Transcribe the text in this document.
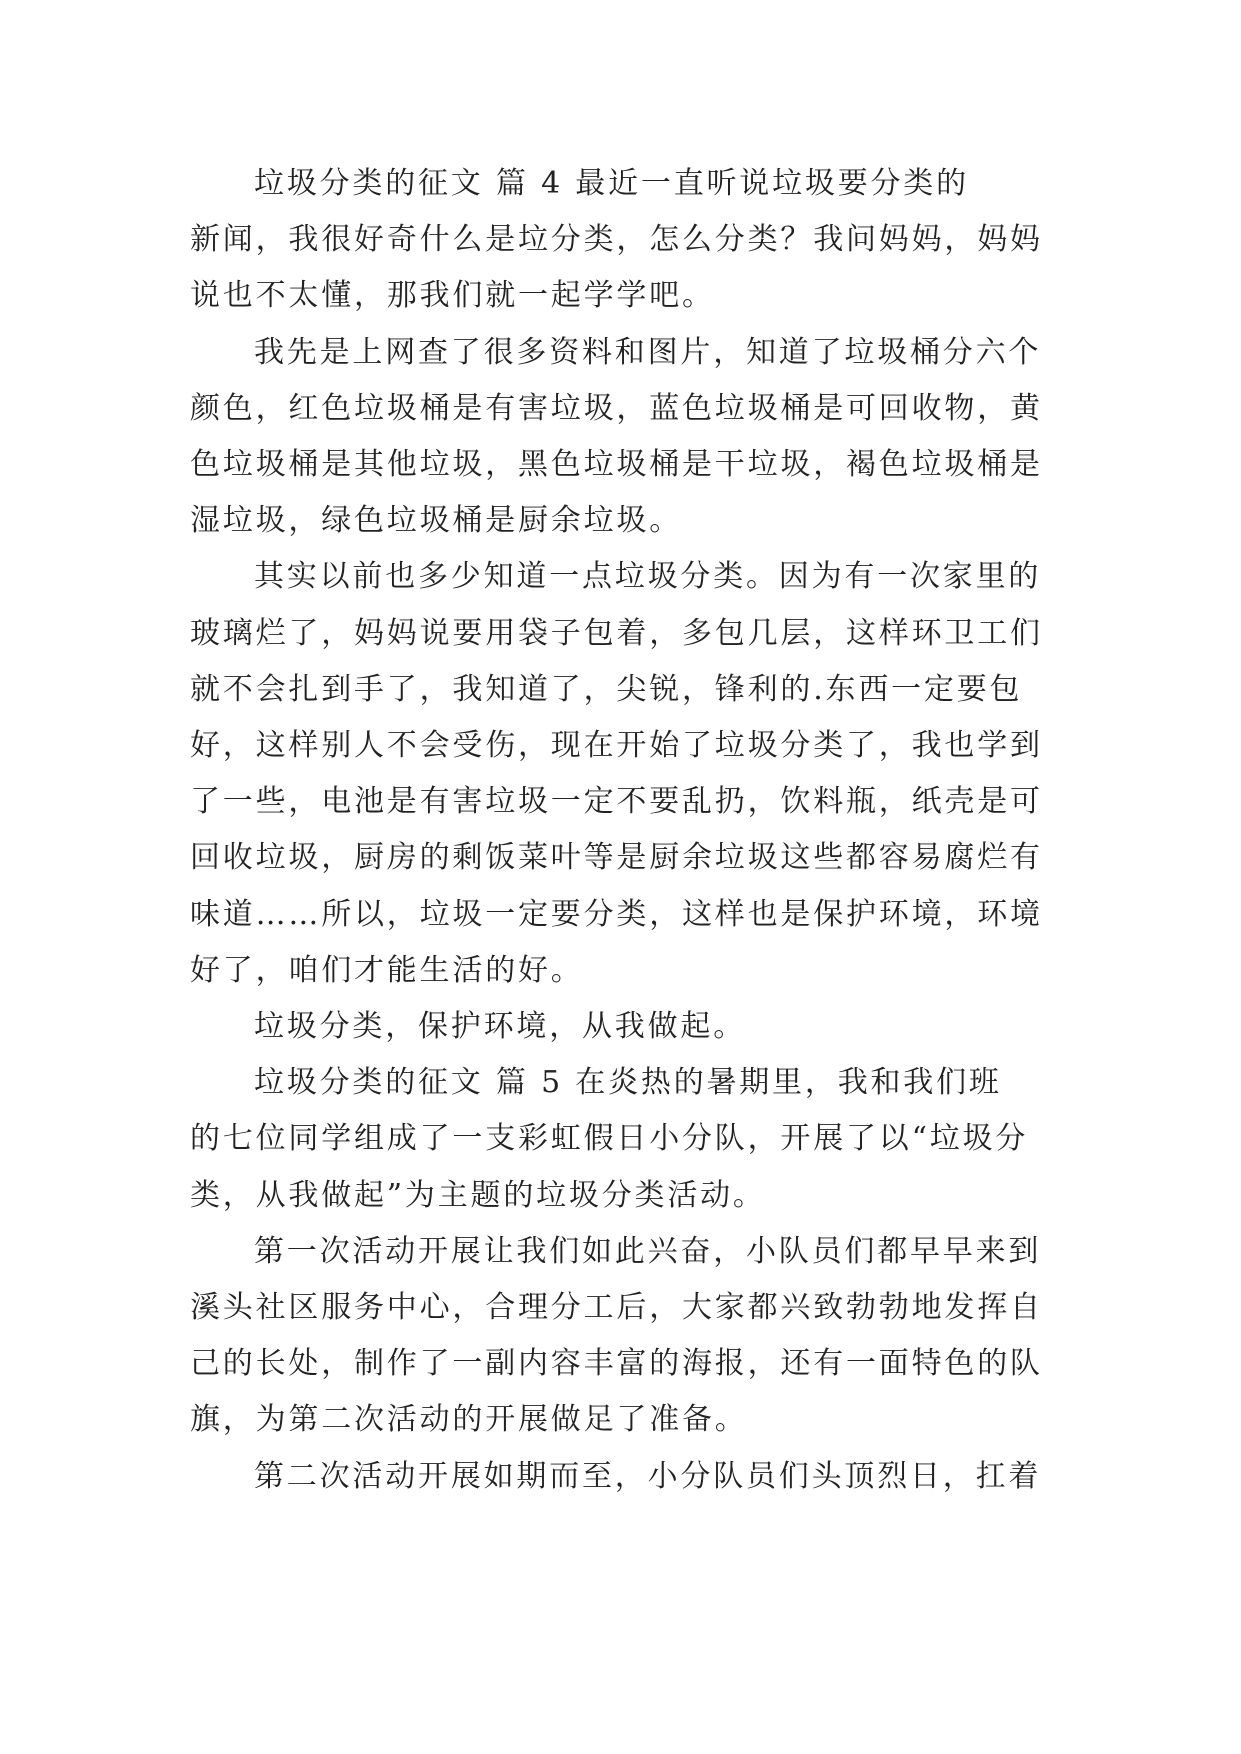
垃圾分类的征文 篇 4 最近一直听说垃圾要分类的
新闻，我很好奇什么是垃分类，怎么分类？我问妈妈，妈妈
说也不太懂，那我们就一起学学吧。

我先是上网查了很多资料和图片，知道了垃圾桶分六个
颜色，红色垃圾桶是有害垃圾，蓝色垃圾桶是可回收物，黄
色垃圾桶是其他垃圾，黑色垃圾桶是干垃圾，褐色垃圾桶是
湿垃圾，绿色垃圾桶是厨余垃圾。

其实以前也多少知道一点垃圾分类。因为有一次家里的
玻璃烂了，妈妈说要用袋子包着，多包几层，这样环卫工们
就不会扎到手了，我知道了，尖锐，锋利的.东西一定要包
好，这样别人不会受伤，现在开始了垃圾分类了，我也学到
了一些，电池是有害垃圾一定不要乱扔，饮料瓶，纸壳是可
回收垃圾，厨房的剩饭菜叶等是厨余垃圾这些都容易腐烂有
味道……所以，垃圾一定要分类，这样也是保护环境，环境
好了，咱们才能生活的好。

垃圾分类，保护环境，从我做起。

垃圾分类的征文 篇 5 在炎热的暑期里，我和我们班
的七位同学组成了一支彩虹假日小分队，开展了以“垃圾分
类，从我做起”为主题的垃圾分类活动。

第一次活动开展让我们如此兴奋，小队员们都早早来到
溪头社区服务中心，合理分工后，大家都兴致勃勃地发挥自
己的长处，制作了一副内容丰富的海报，还有一面特色的队
旗，为第二次活动的开展做足了准备。

第二次活动开展如期而至，小分队员们头顶烈日，扛着
